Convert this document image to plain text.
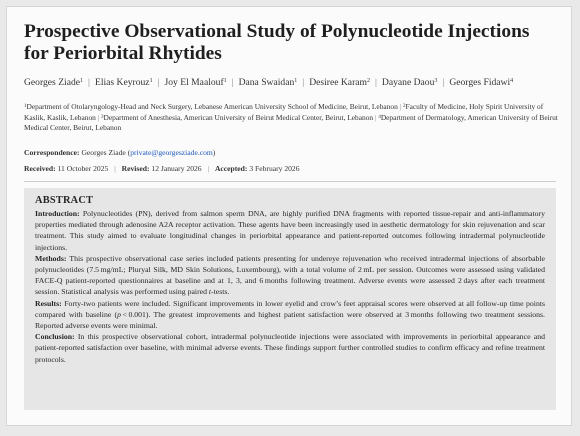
Prospective Observational Study of Polynucleotide Injections for Periorbital Rhytides
Georges Ziade$^1$ | Elias Keyrouz$^1$ | Joy El Maalouf$^1$ | Dana Swaidan$^1$ | Desiree Karam$^2$ | Dayane Daou$^3$ | Georges Fidawi$^4$

$^1$Department of Otolaryngology-Head and Neck Surgery, Lebanese American University School of Medicine, Beirut, Lebanon | $^2$Faculty of Medicine, Holy Spirit University of Kaslik, Kaslik, Lebanon | $^3$Department of Anesthesia, American University of Beirut Medical Center, Beirut, Lebanon | $^4$Department of Dermatology, American University of Beirut Medical Center, Beirut, Lebanon

Correspondence: Georges Ziade (private@georgesziade.com)
Received: 11 October 2025 | Revised: 12 January 2026 | Accepted: 3 February 2026
ABSTRACT

Introduction: Polynucleotides (PN), derived from salmon sperm DNA, are highly purified DNA fragments with reported tissue-repair and anti-inflammatory properties mediated through adenosine A2A receptor activation. These agents have been increasingly used in aesthetic dermatology for skin rejuvenation and scar treatment. This study aimed to evaluate longitudinal changes in periorbital appearance and patient-reported outcomes following intradermal polynucleotide injections.

Methods: This prospective observational case series included patients presenting for undereye rejuvenation who received intradermal injections of absorbable polynucleotides (7.5 mg/mL; Pluryal Silk, MD Skin Solutions, Luxembourg), with a total volume of 2 mL per session. Outcomes were assessed using validated FACE-Q patient-reported questionnaires at baseline and at 1, 3, and 6 months following treatment. Adverse events were assessed 2 days after each treatment session. Statistical analysis was performed using paired t-tests.

Results: Forty-two patients were included. Significant improvements in lower eyelid and crow’s feet appraisal scores were observed at all follow-up time points compared with baseline (p < 0.001). The greatest improvements and highest patient satisfaction were observed at 3 months following two treatment sessions. Reported adverse events were minimal.

Conclusion: In this prospective observational cohort, intradermal polynucleotide injections were associated with improvements in periorbital appearance and patient-reported satisfaction over baseline, with minimal adverse events. These findings support further controlled studies to confirm efficacy and refine treatment protocols.
